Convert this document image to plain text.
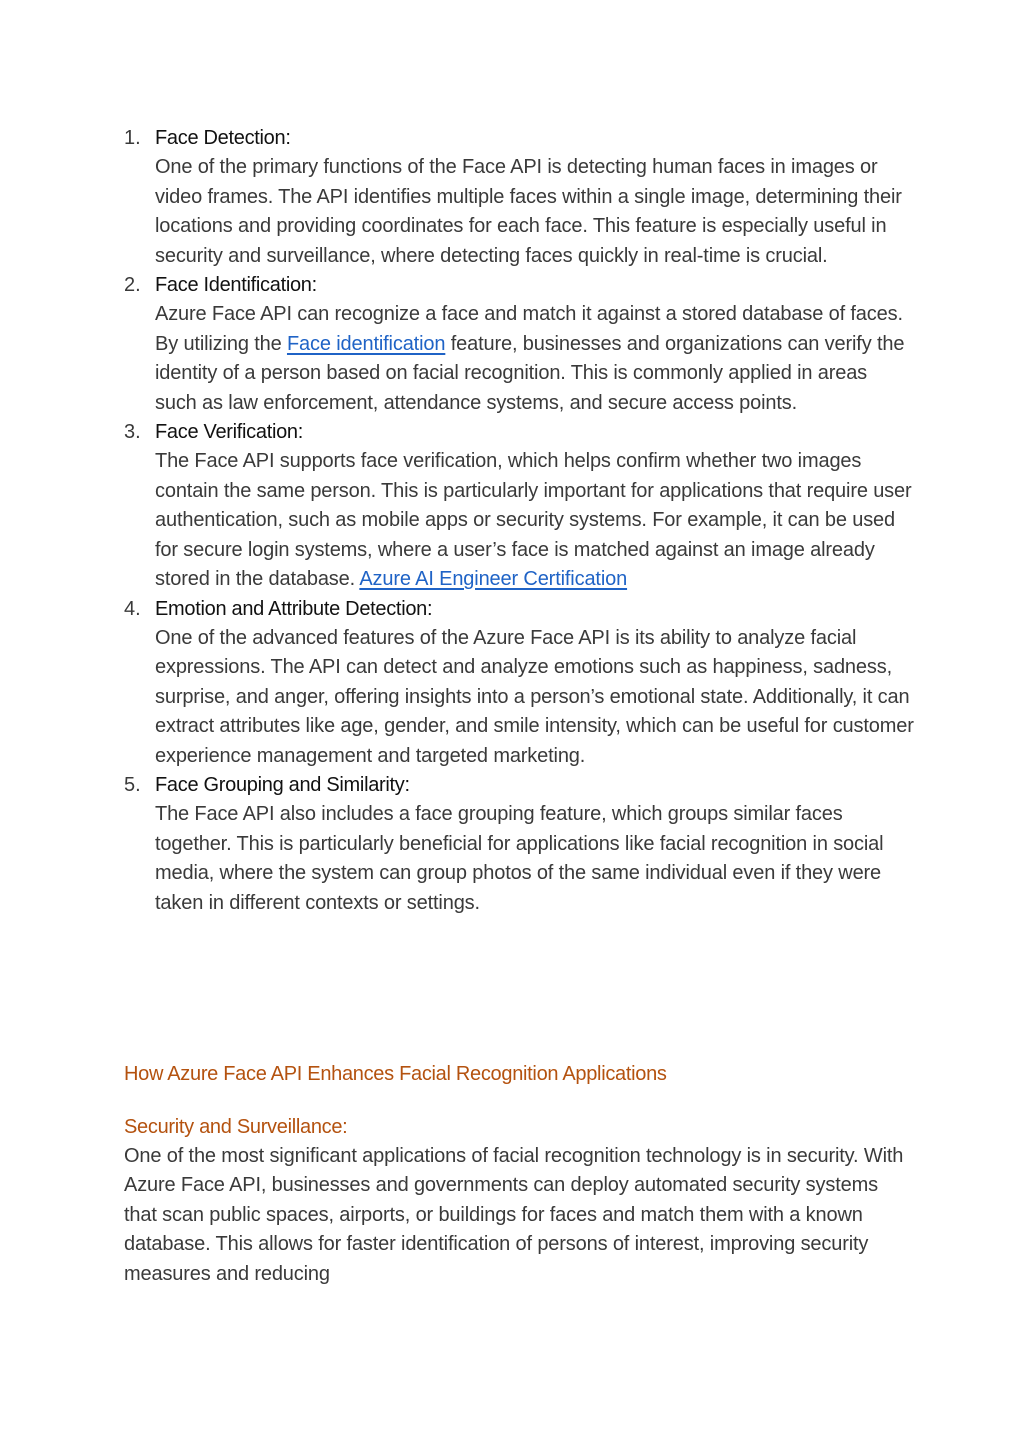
1. Face Detection:
One of the primary functions of the Face API is detecting human faces in images or video frames. The API identifies multiple faces within a single image, determining their locations and providing coordinates for each face. This feature is especially useful in security and surveillance, where detecting faces quickly in real-time is crucial.
2. Face Identification:
Azure Face API can recognize a face and match it against a stored database of faces. By utilizing the Face identification feature, businesses and organizations can verify the identity of a person based on facial recognition. This is commonly applied in areas such as law enforcement, attendance systems, and secure access points.
3. Face Verification:
The Face API supports face verification, which helps confirm whether two images contain the same person. This is particularly important for applications that require user authentication, such as mobile apps or security systems. For example, it can be used for secure login systems, where a user’s face is matched against an image already stored in the database. Azure AI Engineer Certification
4. Emotion and Attribute Detection:
One of the advanced features of the Azure Face API is its ability to analyze facial expressions. The API can detect and analyze emotions such as happiness, sadness, surprise, and anger, offering insights into a person’s emotional state. Additionally, it can extract attributes like age, gender, and smile intensity, which can be useful for customer experience management and targeted marketing.
5. Face Grouping and Similarity:
The Face API also includes a face grouping feature, which groups similar faces together. This is particularly beneficial for applications like facial recognition in social media, where the system can group photos of the same individual even if they were taken in different contexts or settings.
How Azure Face API Enhances Facial Recognition Applications
Security and Surveillance:
One of the most significant applications of facial recognition technology is in security. With Azure Face API, businesses and governments can deploy automated security systems that scan public spaces, airports, or buildings for faces and match them with a known database. This allows for faster identification of persons of interest, improving security measures and reducing
